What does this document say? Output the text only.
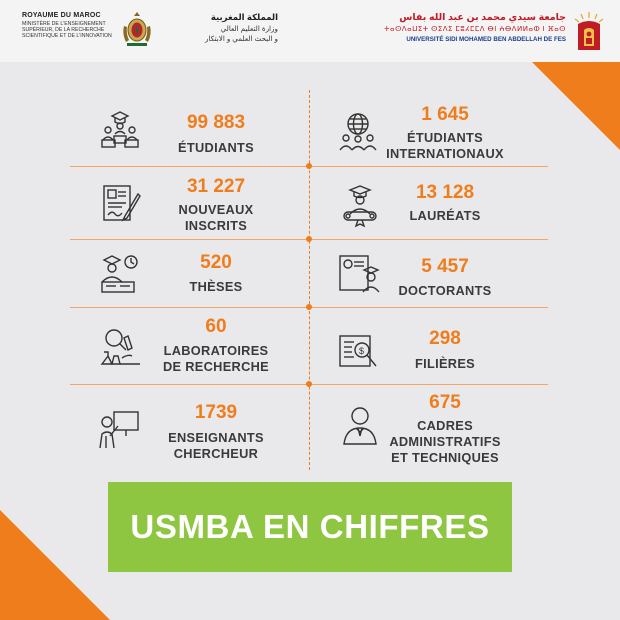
ROYAUME DU MAROC
MINISTÈRE DE L'ENSEIGNEMENT
SUPÉRIEUR, DE LA RECHERCHE
SCIENTIFIQUE ET DE L'INNOVATION
المملكة المغربية
وزارة التعليم العالي
و البحث العلمي و الابتكار
جامعة سيدي محمد بن عبد الله بفاس
ⵜⴰⵙⴷⴰⵡⵉⵜ ⵙⵉⴷⵉ ⵎⵓⵃⵎⵎⴷ ⴱⵏ ⵄⴱⴷⵍⵍⴰⵀ ⵏ ⴼⴰⵙ
UNIVERSITÉ SIDI MOHAMED BEN ABDELLAH DE FES
99 883
ÉTUDIANTS
1 645
ÉTUDIANTS
INTERNATIONAUX
31 227
NOUVEAUX
INSCRITS
13 128
LAURÉATS
520
THÈSES
5 457
DOCTORANTS
60
LABORATOIRES
DE RECHERCHE
$
298
FILIÈRES
1739
ENSEIGNANTS
CHERCHEUR
675
CADRES
ADMINISTRATIFS
ET TECHNIQUES
USMBA EN CHIFFRES
